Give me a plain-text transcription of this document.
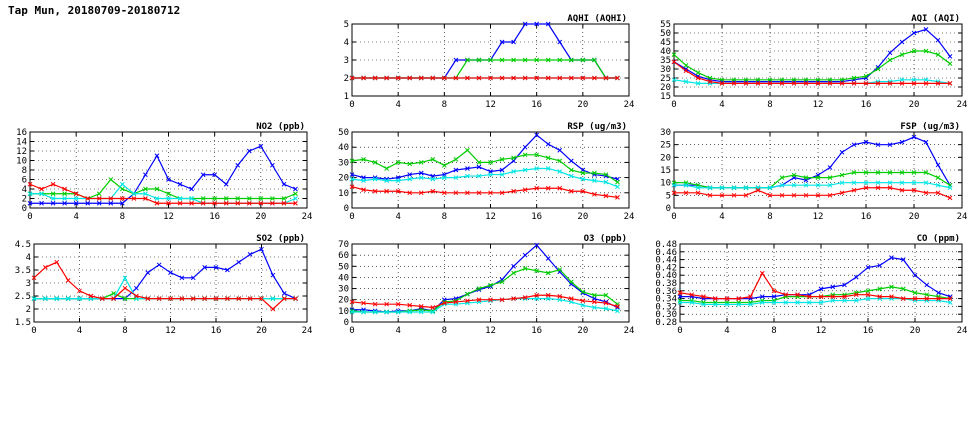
Tap Mun, 20180709-20180712
1
2
3
4
5
0	4	8	12	16	20	24
AQHI (AQHI)
15
20
25
30
35
40
45
50
55
0	4	8	12	16	20	24
AQI (AQI)
0
2
4
6
8
10
12
14
16
0	4	8	12	16	20	24
NO2 (ppb)
0
10
20
30
40
50
0	4	8	12	16	20	24
RSP (ug/m3)
0
5
10
15
20
25
30
0	4	8	12	16	20	24
FSP (ug/m3)
1.5
2
2.5
3
3.5
4
4.5
0	4	8	12	16	20	24
SO2 (ppb)
0
10
20
30
40
50
60
70
0	4	8	12	16	20	24
O3 (ppb)
0.28
0.30
0.32
0.34
0.36
0.38
0.40
0.42
0.44
0.46
0.48
0	4	8	12	16	20	24
CO (ppm)
